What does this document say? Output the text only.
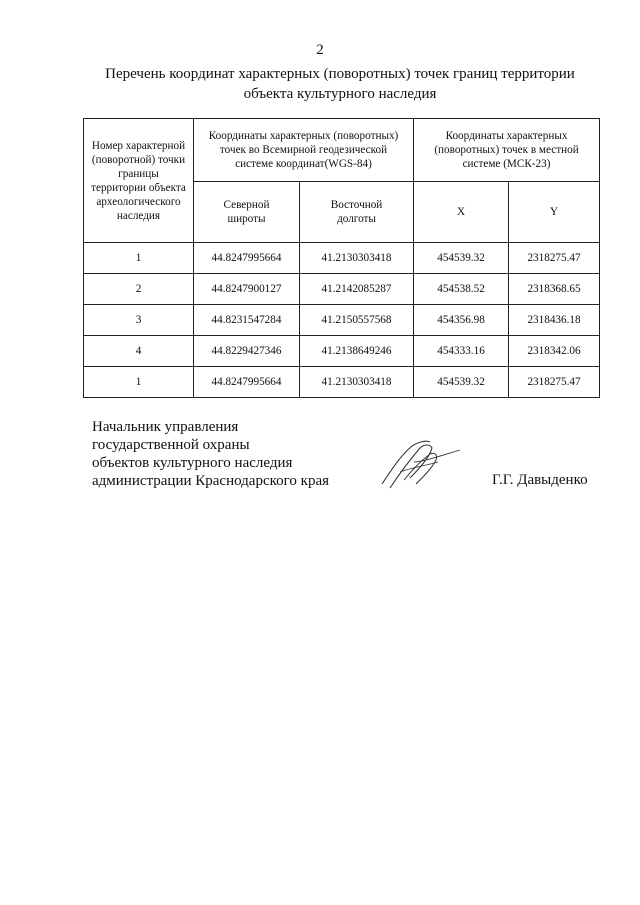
2
Перечень координат характерных (поворотных) точек границ территории
объекта культурного наследия
Номер характерной (поворотной) точки границы территории объекта археологического наследия	Координаты характерных (поворотных) точек во Всемирной геодезической системе координат(WGS-84)		Координаты характерных (поворотных) точек в местной системе (МСК-23)	

	Северной широты	Восточной долготы	X	Y
1	44.8247995664	41.2130303418	454539.32	2318275.47
2	44.8247900127	41.2142085287	454538.52	2318368.65
3	44.8231547284	41.2150557568	454356.98	2318436.18
4	44.8229427346	41.2138649246	454333.16	2318342.06
1	44.8247995664	41.2130303418	454539.32	2318275.47
Начальник управления
государственной охраны
объектов культурного наследия
администрации Краснодарского края	Г.Г. Давыденко
